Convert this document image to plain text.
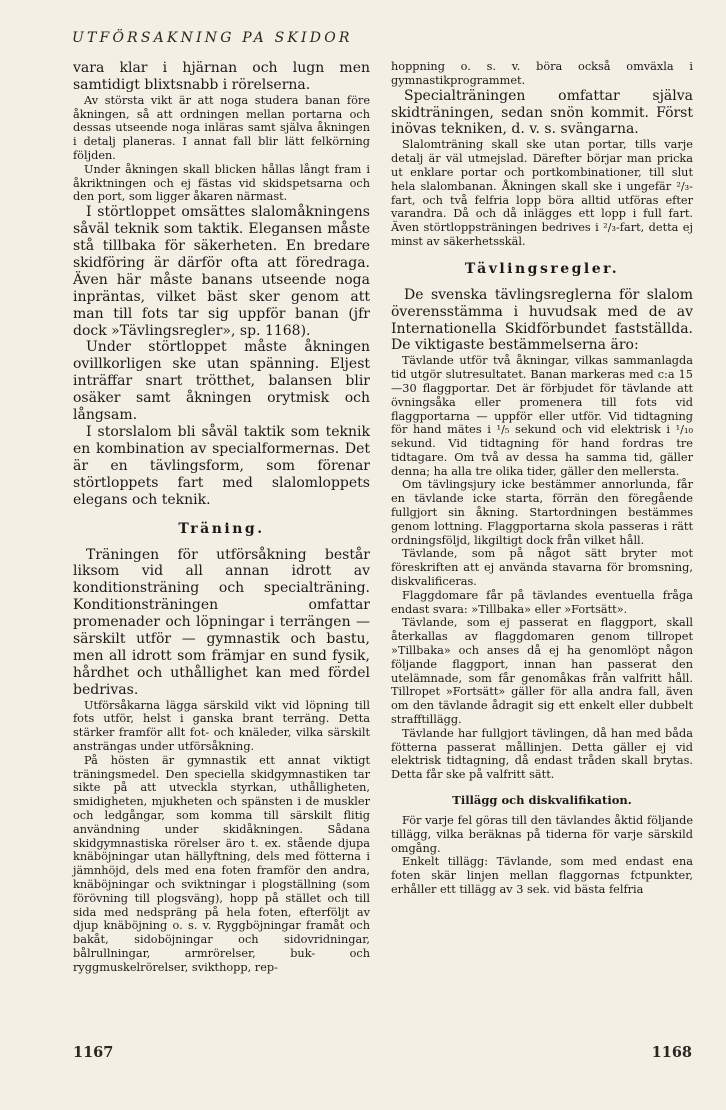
UTFÖRSAKNING PA SKIDOR

vara klar i hjärnan och lugn men samtidigt blixtsnabb i rörelserna.

Av största vikt är att noga studera banan före åkningen, så att ordningen mellan portarna och dessas utseende noga inläras samt själva åkningen i detalj planeras. I annat fall blir lätt felkörning följden.

Under åkningen skall blicken hållas långt fram i åkriktningen och ej fästas vid skidspetsarna och den port, som ligger åkaren närmast.

I störtloppet omsättes slalomåkningens såväl teknik som taktik. Elegansen måste stå tillbaka för säkerheten. En bredare skidföring är därför ofta att föredraga. Även här måste banans utseende noga inpräntas, vilket bäst sker genom att man till fots tar sig uppför banan (jfr dock »Tävlingsregler», sp. 1168).

Under störtloppet måste åkningen ovillkorligen ske utan spänning. Eljest inträffar snart trötthet, balansen blir osäker samt åkningen orytmisk och långsam.

I storslalom bli såväl taktik som teknik en kombination av specialformernas. Det är en tävlingsform, som förenar störtloppets fart med slalomloppets elegans och teknik.

Träning.

Träningen för utförsåkning består liksom vid all annan idrott av konditionsträning och specialträning. Konditionsträningen omfattar promenader och löpningar i terrängen — särskilt utför — gymnastik och bastu, men all idrott som främjar en sund fysik, hårdhet och uthållighet kan med fördel bedrivas.

Utförsåkarna lägga särskild vikt vid löpning till fots utför, helst i ganska brant terräng. Detta stärker framför allt fot- och knäleder, vilka särskilt ansträngas under utförsåkning.

På hösten är gymnastik ett annat viktigt träningsmedel. Den speciella skidgymnastiken tar sikte på att utveckla styrkan, uthålligheten, smidigheten, mjukheten och spänsten i de muskler och ledgångar, som komma till särskilt flitig användning under skidåkningen. Sådana skidgymnastiska rörelser äro t. ex. stående djupa knäböjningar utan hällyftning, dels med fötterna i jämnhöjd, dels med ena foten framför den andra, knäböjningar och sviktningar i plogställning (som förövning till plogsväng), hopp på stället och till sida med nedspräng på hela foten, efterföljt av djup knäböjning o. s. v. Ryggböjningar framåt och bakåt, sidoböjningar och sidovridningar, bålrullningar, armrörelser, buk- och ryggmuskelrörelser, svikthopp, rep-

hoppning o. s. v. böra också omväxla i gymnastikprogrammet.

Specialträningen omfattar själva skidträningen, sedan snön kommit. Först inövas tekniken, d. v. s. svängarna.

Slalomträning skall ske utan portar, tills varje detalj är väl utmejslad. Därefter börjar man pricka ut enklare portar och portkombinationer, till slut hela slalombanan. Åkningen skall ske i ungefär ²/₃-fart, och två felfria lopp böra alltid utföras efter varandra. Då och då inlägges ett lopp i full fart. Även störtloppsträningen bedrives i ²/₃-fart, detta ej minst av säkerhetsskäl.

Tävlingsregler.

De svenska tävlingsreglerna för slalom överensstämma i huvudsak med de av Internationella Skidförbundet fastställda. De viktigaste bestämmelserna äro:

Tävlande utför två åkningar, vilkas sammanlagda tid utgör slutresultatet. Banan markeras med c:a 15—30 flaggportar. Det är förbjudet för tävlande att övningsåka eller promenera till fots vid flaggportarna — uppför eller utför. Vid tidtagning för hand mätes i ¹/₅ sekund och vid elektrisk i ¹/₁₀ sekund. Vid tidtagning för hand fordras tre tidtagare. Om två av dessa ha samma tid, gäller denna; ha alla tre olika tider, gäller den mellersta.

Om tävlingsjury icke bestämmer annorlunda, får en tävlande icke starta, förrän den föregående fullgjort sin åkning. Startordningen bestämmes genom lottning. Flaggportarna skola passeras i rätt ordningsföljd, likgiltigt dock från vilket håll.

Tävlande, som på något sätt bryter mot föreskriften att ej använda stavarna för bromsning, diskvalificeras.

Flaggdomare får på tävlandes eventuella fråga endast svara: »Tillbaka» eller »Fortsätt».

Tävlande, som ej passerat en flaggport, skall återkallas av flaggdomaren genom tillropet »Tillbaka» och anses då ej ha genomlöpt någon följande flaggport, innan han passerat den utelämnade, som får genomåkas från valfritt håll. Tillropet »Fortsätt» gäller för alla andra fall, även om den tävlande ådragit sig ett enkelt eller dubbelt strafftillägg.

Tävlande har fullgjort tävlingen, då han med båda fötterna passerat mållinjen. Detta gäller ej vid elektrisk tidtagning, då endast tråden skall brytas. Detta får ske på valfritt sätt.

Tillägg och diskvalifikation.

För varje fel göras till den tävlandes åktid följande tillägg, vilka beräknas på tiderna för varje särskild omgång.

Enkelt tillägg: Tävlande, som med endast ena foten skär linjen mellan flaggornas fctpunkter, erhåller ett tillägg av 3 sek. vid bästa felfria

1167	1168
